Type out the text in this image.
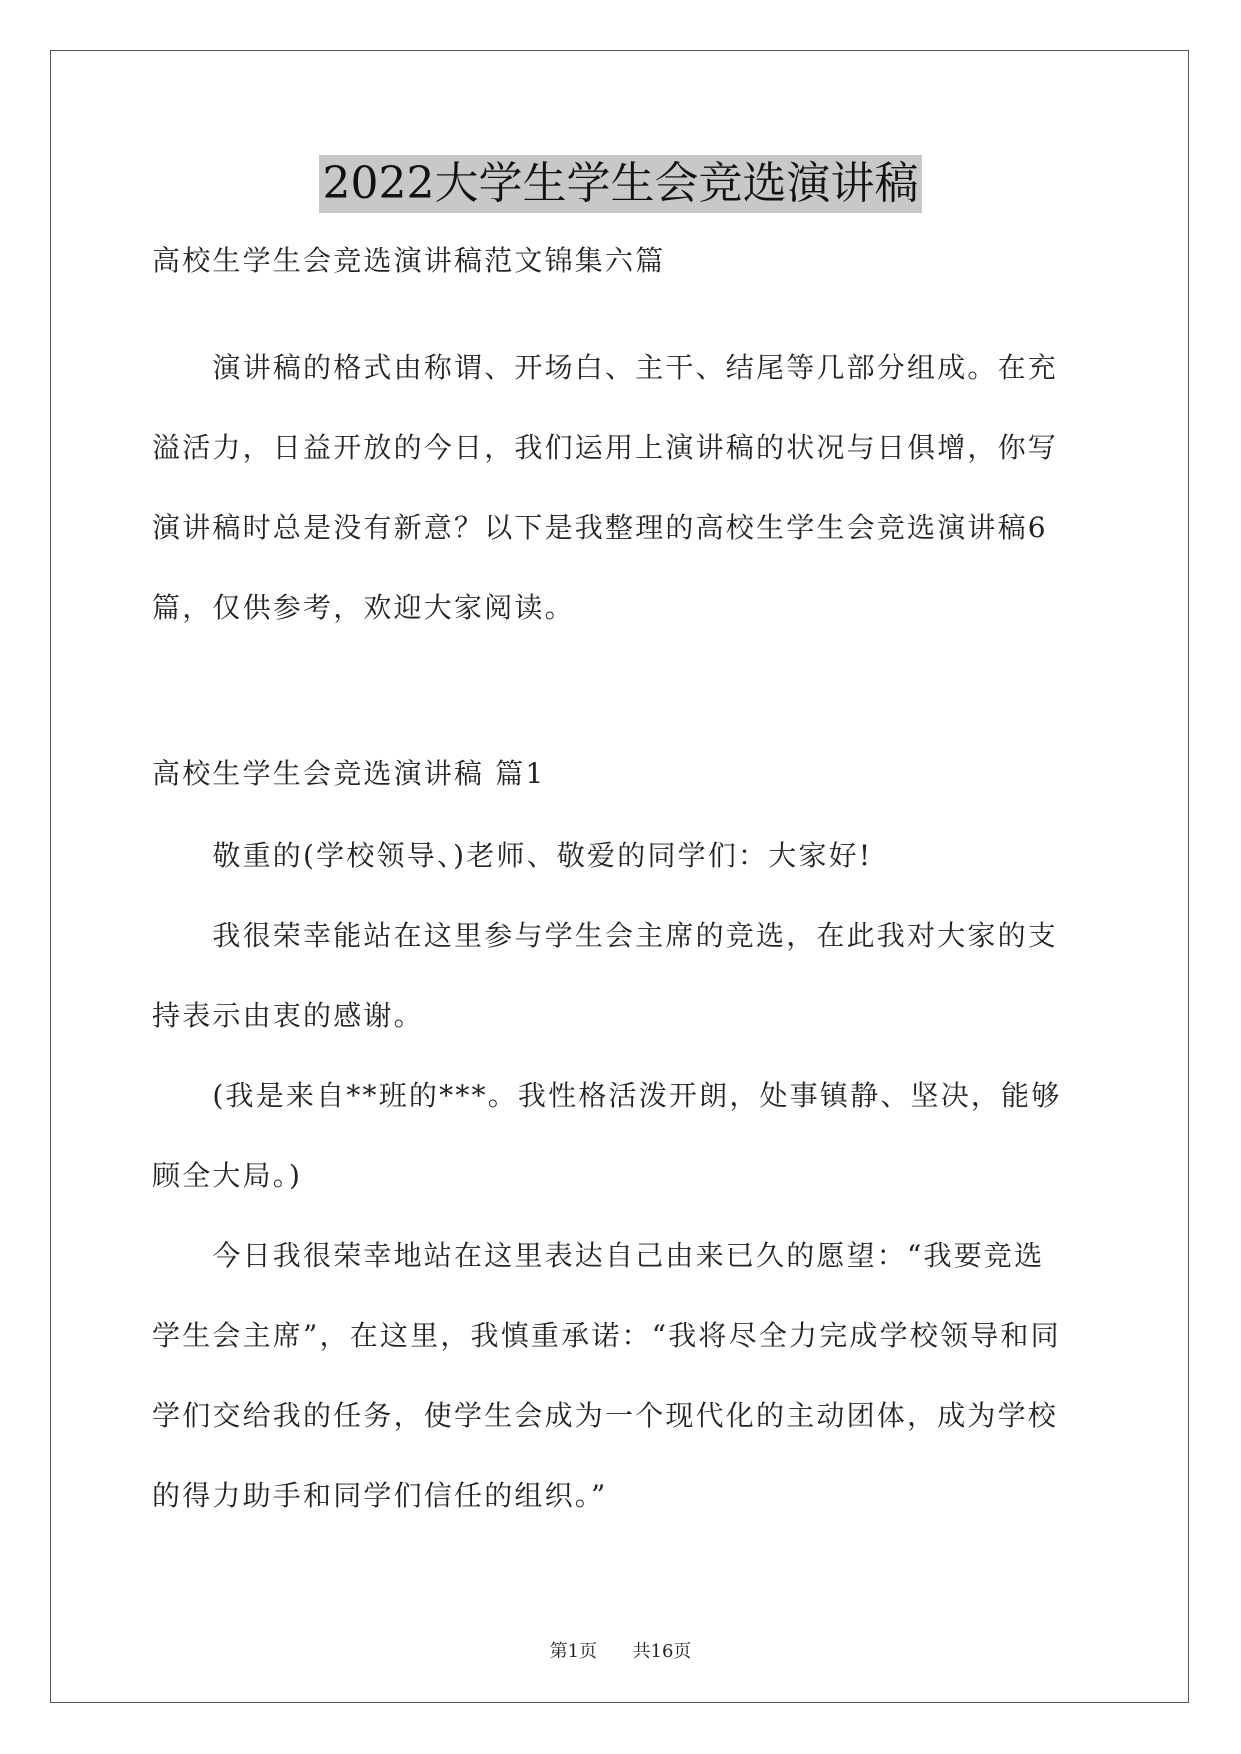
2022大学生学生会竞选演讲稿
高校生学生会竞选演讲稿范文锦集六篇
　　演讲稿的格式由称谓、开场白、主干、结尾等几部分组成。在充
溢活力，日益开放的今日，我们运用上演讲稿的状况与日俱增，你写
演讲稿时总是没有新意？以下是我整理的高校生学生会竞选演讲稿6
篇，仅供参考，欢迎大家阅读。
高校生学生会竞选演讲稿 篇1
　　敬重的(学校领导、)老师、敬爱的同学们：大家好!
　　我很荣幸能站在这里参与学生会主席的竞选，在此我对大家的支
持表示由衷的感谢。
　　(我是来自**班的***。我性格活泼开朗，处事镇静、坚决，能够
顾全大局。)
　　今日我很荣幸地站在这里表达自己由来已久的愿望：“我要竞选
学生会主席”，在这里，我慎重承诺：“我将尽全力完成学校领导和同
学们交给我的任务，使学生会成为一个现代化的主动团体，成为学校
的得力助手和同学们信任的组织。”
第1页 共16页
